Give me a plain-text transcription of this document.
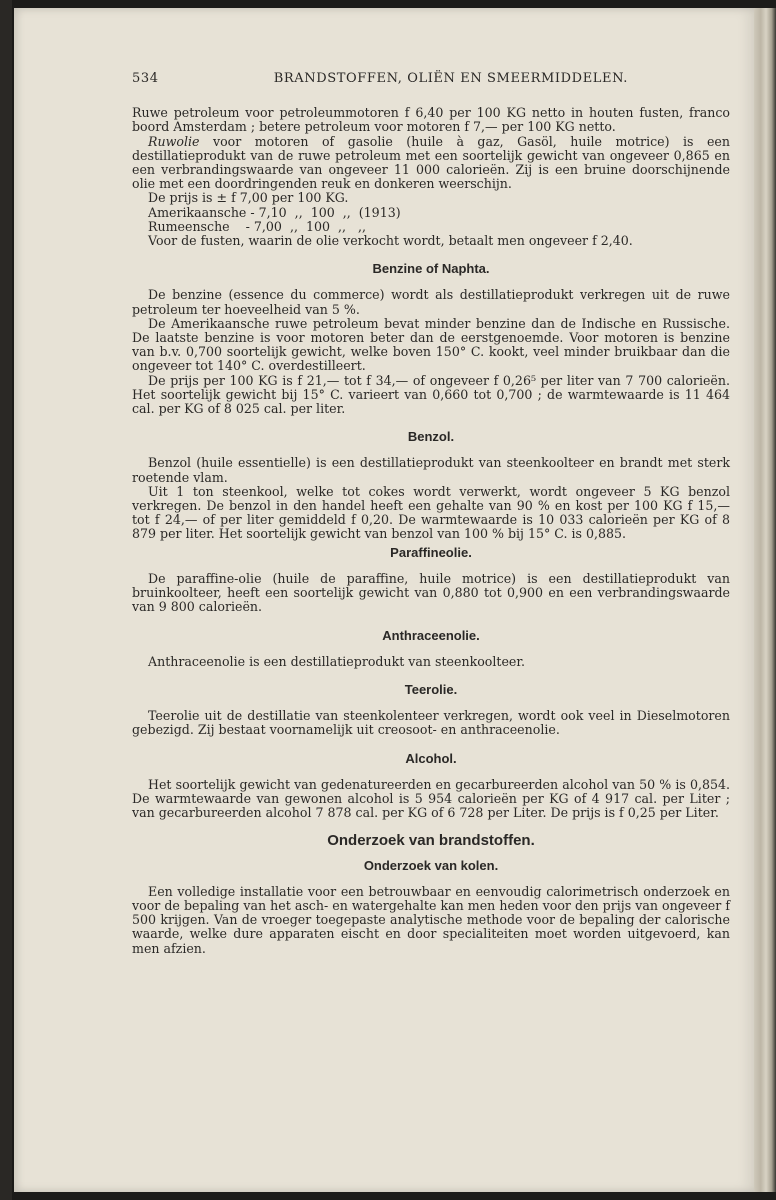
534	BRANDSTOFFEN, OLIËN EN SMEERMIDDELEN.

Ruwe petroleum voor petroleummotoren f 6,40 per 100 KG netto in houten fusten, franco boord Amsterdam ; betere petroleum voor motoren f 7,— per 100 KG netto.

Ruwolie voor motoren of gasolie (huile à gaz, Gasöl, huile motrice) is een destillatieprodukt van de ruwe petroleum met een soortelijk gewicht van ongeveer 0,865 en een verbrandingswaarde van ongeveer 11 000 calorieën. Zij is een bruine doorschijnende olie met een doordringenden reuk en donkeren weerschijn.

De prijs is ± f 7,00 per 100 KG.
Amerikaansche - 7,10  ,,  100  ,,  (1913)
Rumeensche    - 7,00  ,,  100  ,,   ,,

Voor de fusten, waarin de olie verkocht wordt, betaalt men ongeveer f 2,40.

Benzine of Naphta.

De benzine (essence du commerce) wordt als destillatieprodukt verkregen uit de ruwe petroleum ter hoeveelheid van 5 %.

De Amerikaansche ruwe petroleum bevat minder benzine dan de Indische en Russische. De laatste benzine is voor motoren beter dan de eerstgenoemde. Voor motoren is benzine van b.v. 0,700 soortelijk gewicht, welke boven 150° C. kookt, veel minder bruikbaar dan die ongeveer tot 140° C. overdestilleert.

De prijs per 100 KG is f 21,— tot f 34,— of ongeveer f 0,26⁵ per liter van 7 700 calorieën. Het soortelijk gewicht bij 15° C. varieert van 0,660 tot 0,700 ; de warmtewaarde is 11 464 cal. per KG of 8 025 cal. per liter.

Benzol.

Benzol (huile essentielle) is een destillatieprodukt van steenkoolteer en brandt met sterk roetende vlam.

Uit 1 ton steenkool, welke tot cokes wordt verwerkt, wordt ongeveer 5 KG benzol verkregen. De benzol in den handel heeft een gehalte van 90 % en kost per 100 KG f 15,— tot f 24,— of per liter gemiddeld f 0,20. De warmtewaarde is 10 033 calorieën per KG of 8 879 per liter. Het soortelijk gewicht van benzol van 100 % bij 15° C. is 0,885.

Paraffineolie.

De paraffine-olie (huile de paraffine, huile motrice) is een destillatieprodukt van bruinkoolteer, heeft een soortelijk gewicht van 0,880 tot 0,900 en een verbrandingswaarde van 9 800 calorieën.

Anthraceenolie.

Anthraceenolie is een destillatieprodukt van steenkoolteer.

Teerolie.

Teerolie uit de destillatie van steenkolenteer verkregen, wordt ook veel in Dieselmotoren gebezigd. Zij bestaat voornamelijk uit creosoot- en anthraceenolie.

Alcohol.

Het soortelijk gewicht van gedenatureerden en gecarbureerden alcohol van 50 % is 0,854. De warmtewaarde van gewonen alcohol is 5 954 calorieën per KG of 4 917 cal. per Liter ; van gecarbureerden alcohol 7 878 cal. per KG of 6 728 per Liter. De prijs is f 0,25 per Liter.

Onderzoek van brandstoffen.
Onderzoek van kolen.

Een volledige installatie voor een betrouwbaar en eenvoudig calorimetrisch onderzoek en voor de bepaling van het asch- en watergehalte kan men heden voor den prijs van ongeveer f 500 krijgen. Van de vroeger toegepaste analytische methode voor de bepaling der calorische waarde, welke dure apparaten eischt en door specialiteiten moet worden uitgevoerd, kan men afzien.
